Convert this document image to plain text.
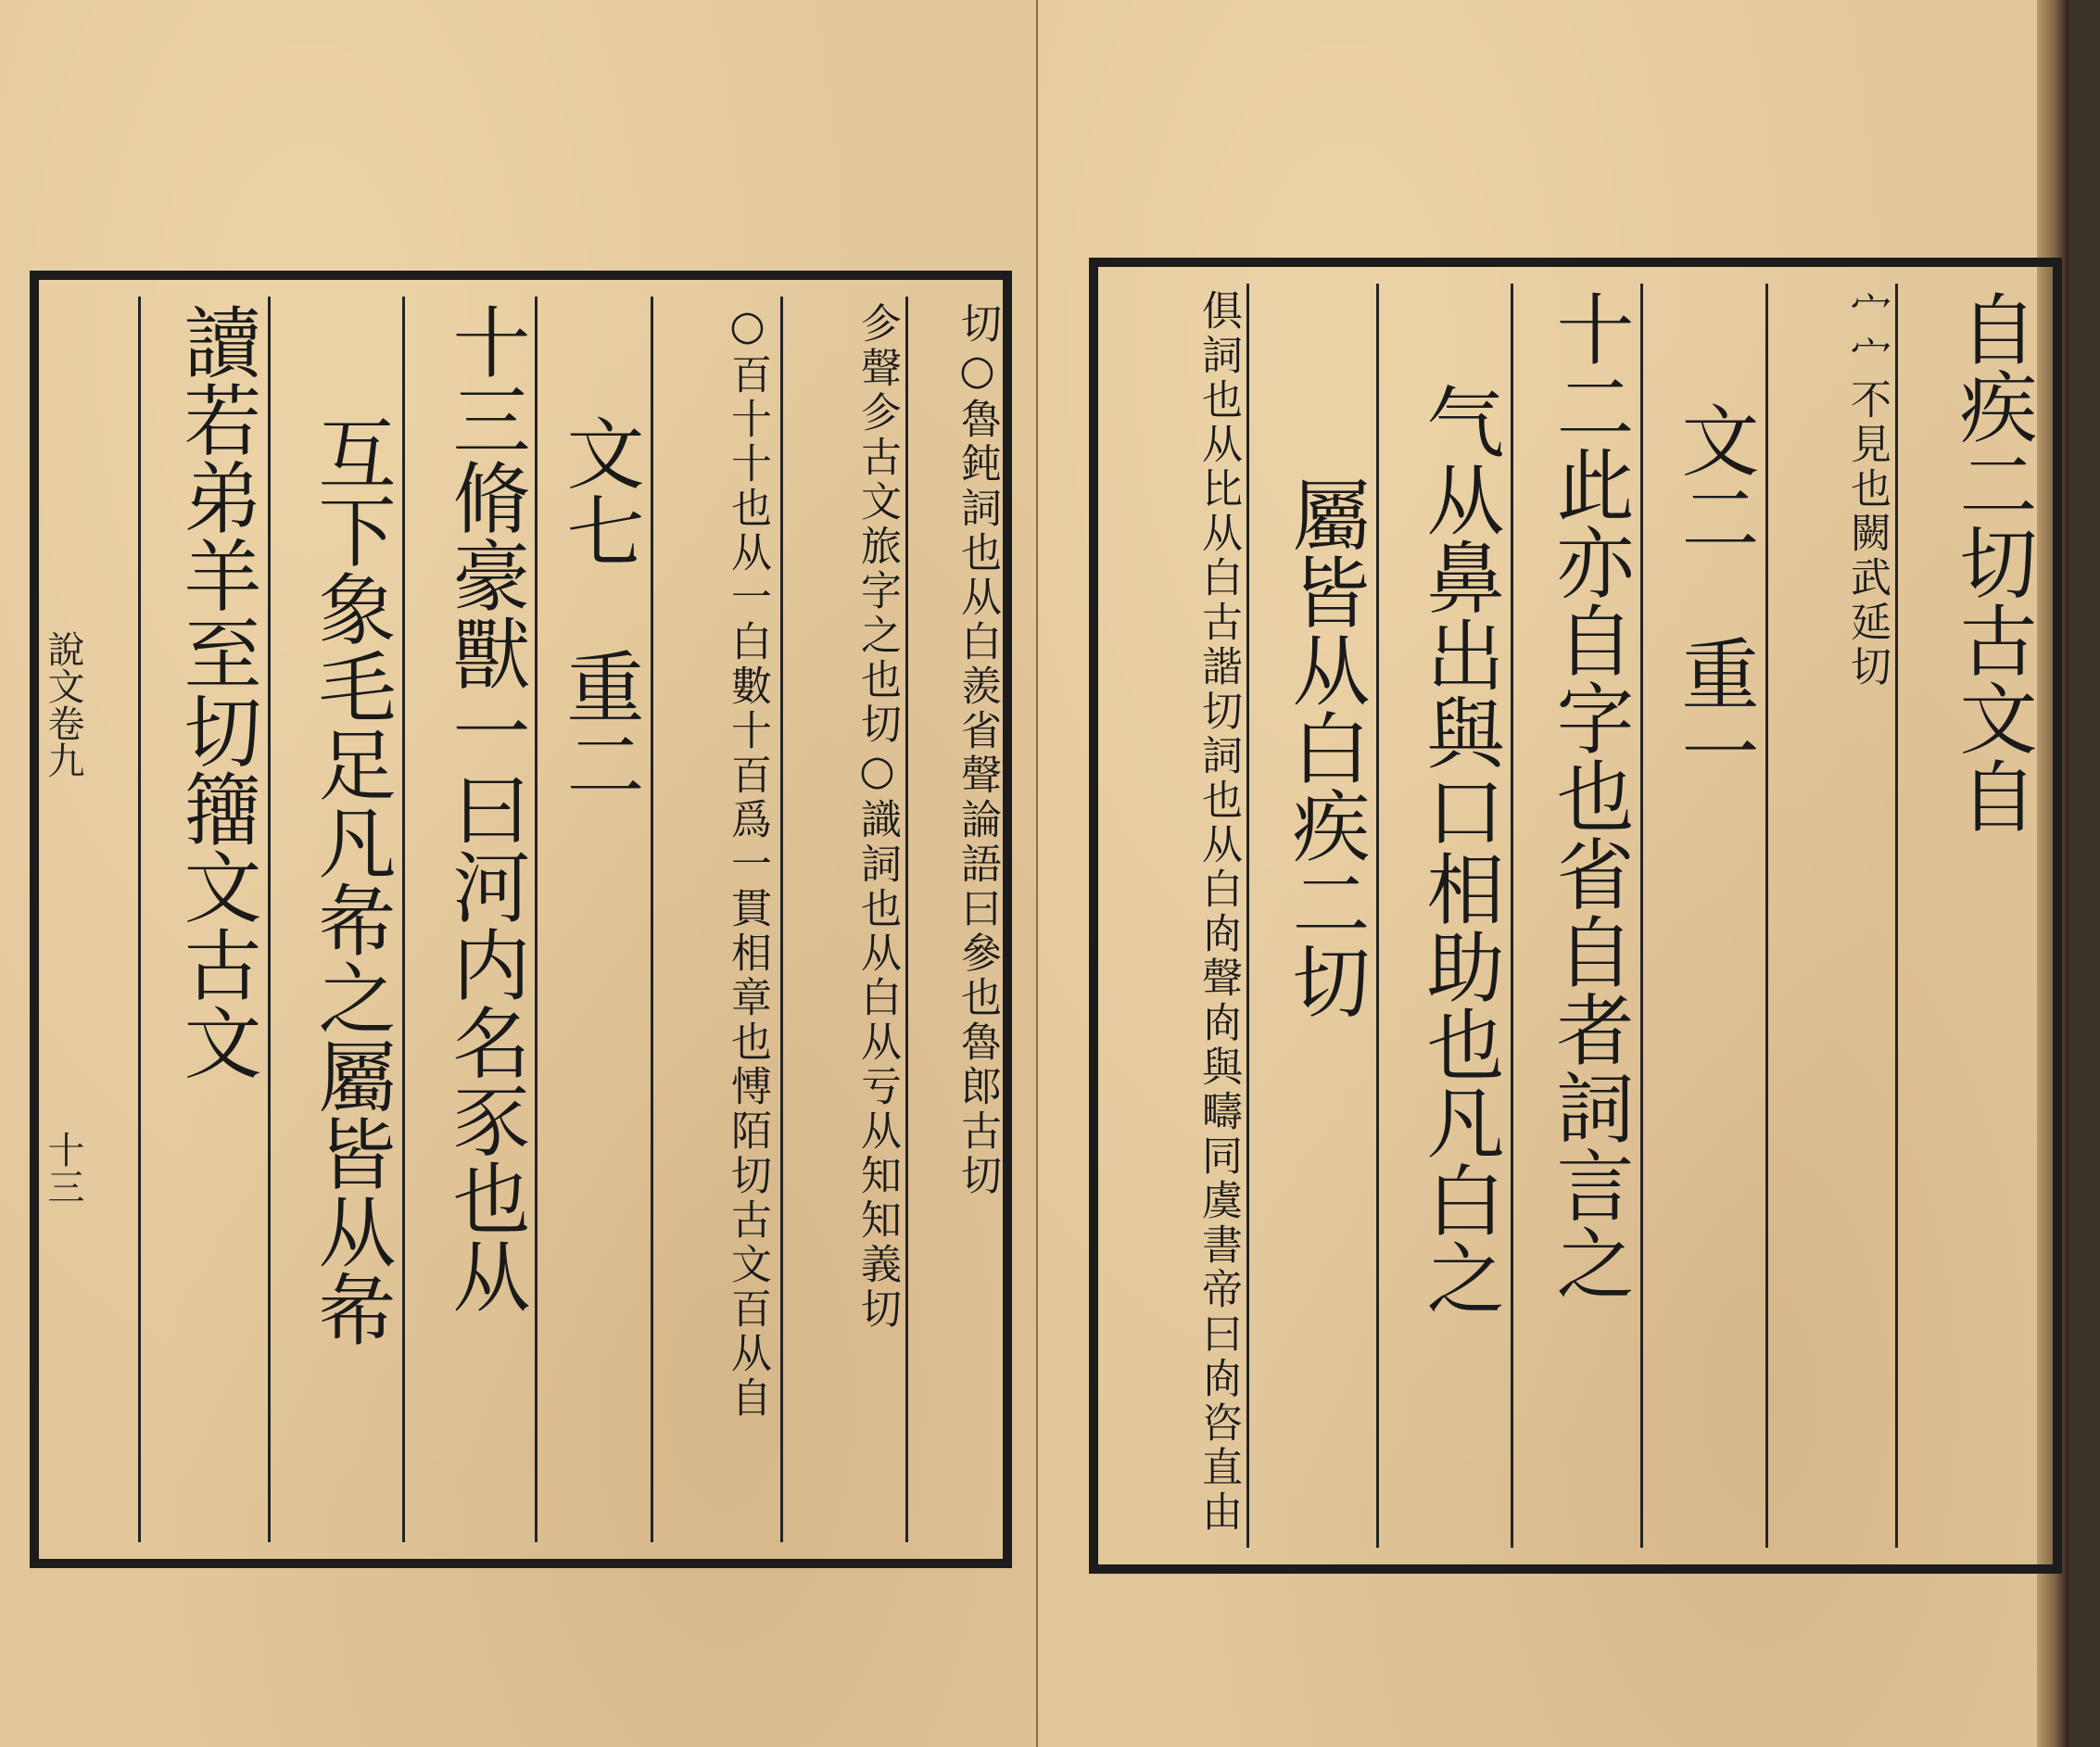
切○魯鈍詞也从白羨省聲論語曰參也魯郎古切
㐱聲㐱古文旅字之也切○識詞也从白从亏从知知義切
○百十十也从一白數十百爲一貫相章也愽陌切古文百从自
文七　重二
十三脩豪獸一曰河内名豕也从
互下象毛足凡㣇之屬皆从㣇
讀若弟羊至切籒文古文
說文卷九
十三
自疾二切古文自
宀宀不見也闕武延切
文二　重一
十二此亦自字也省自者詞言之
气从鼻出與口相助也凡白之
屬皆从白疾二切
俱詞也从比从白古諧切詞也从白㕯聲㕯與疇同虞書帝曰㕯咨直由
